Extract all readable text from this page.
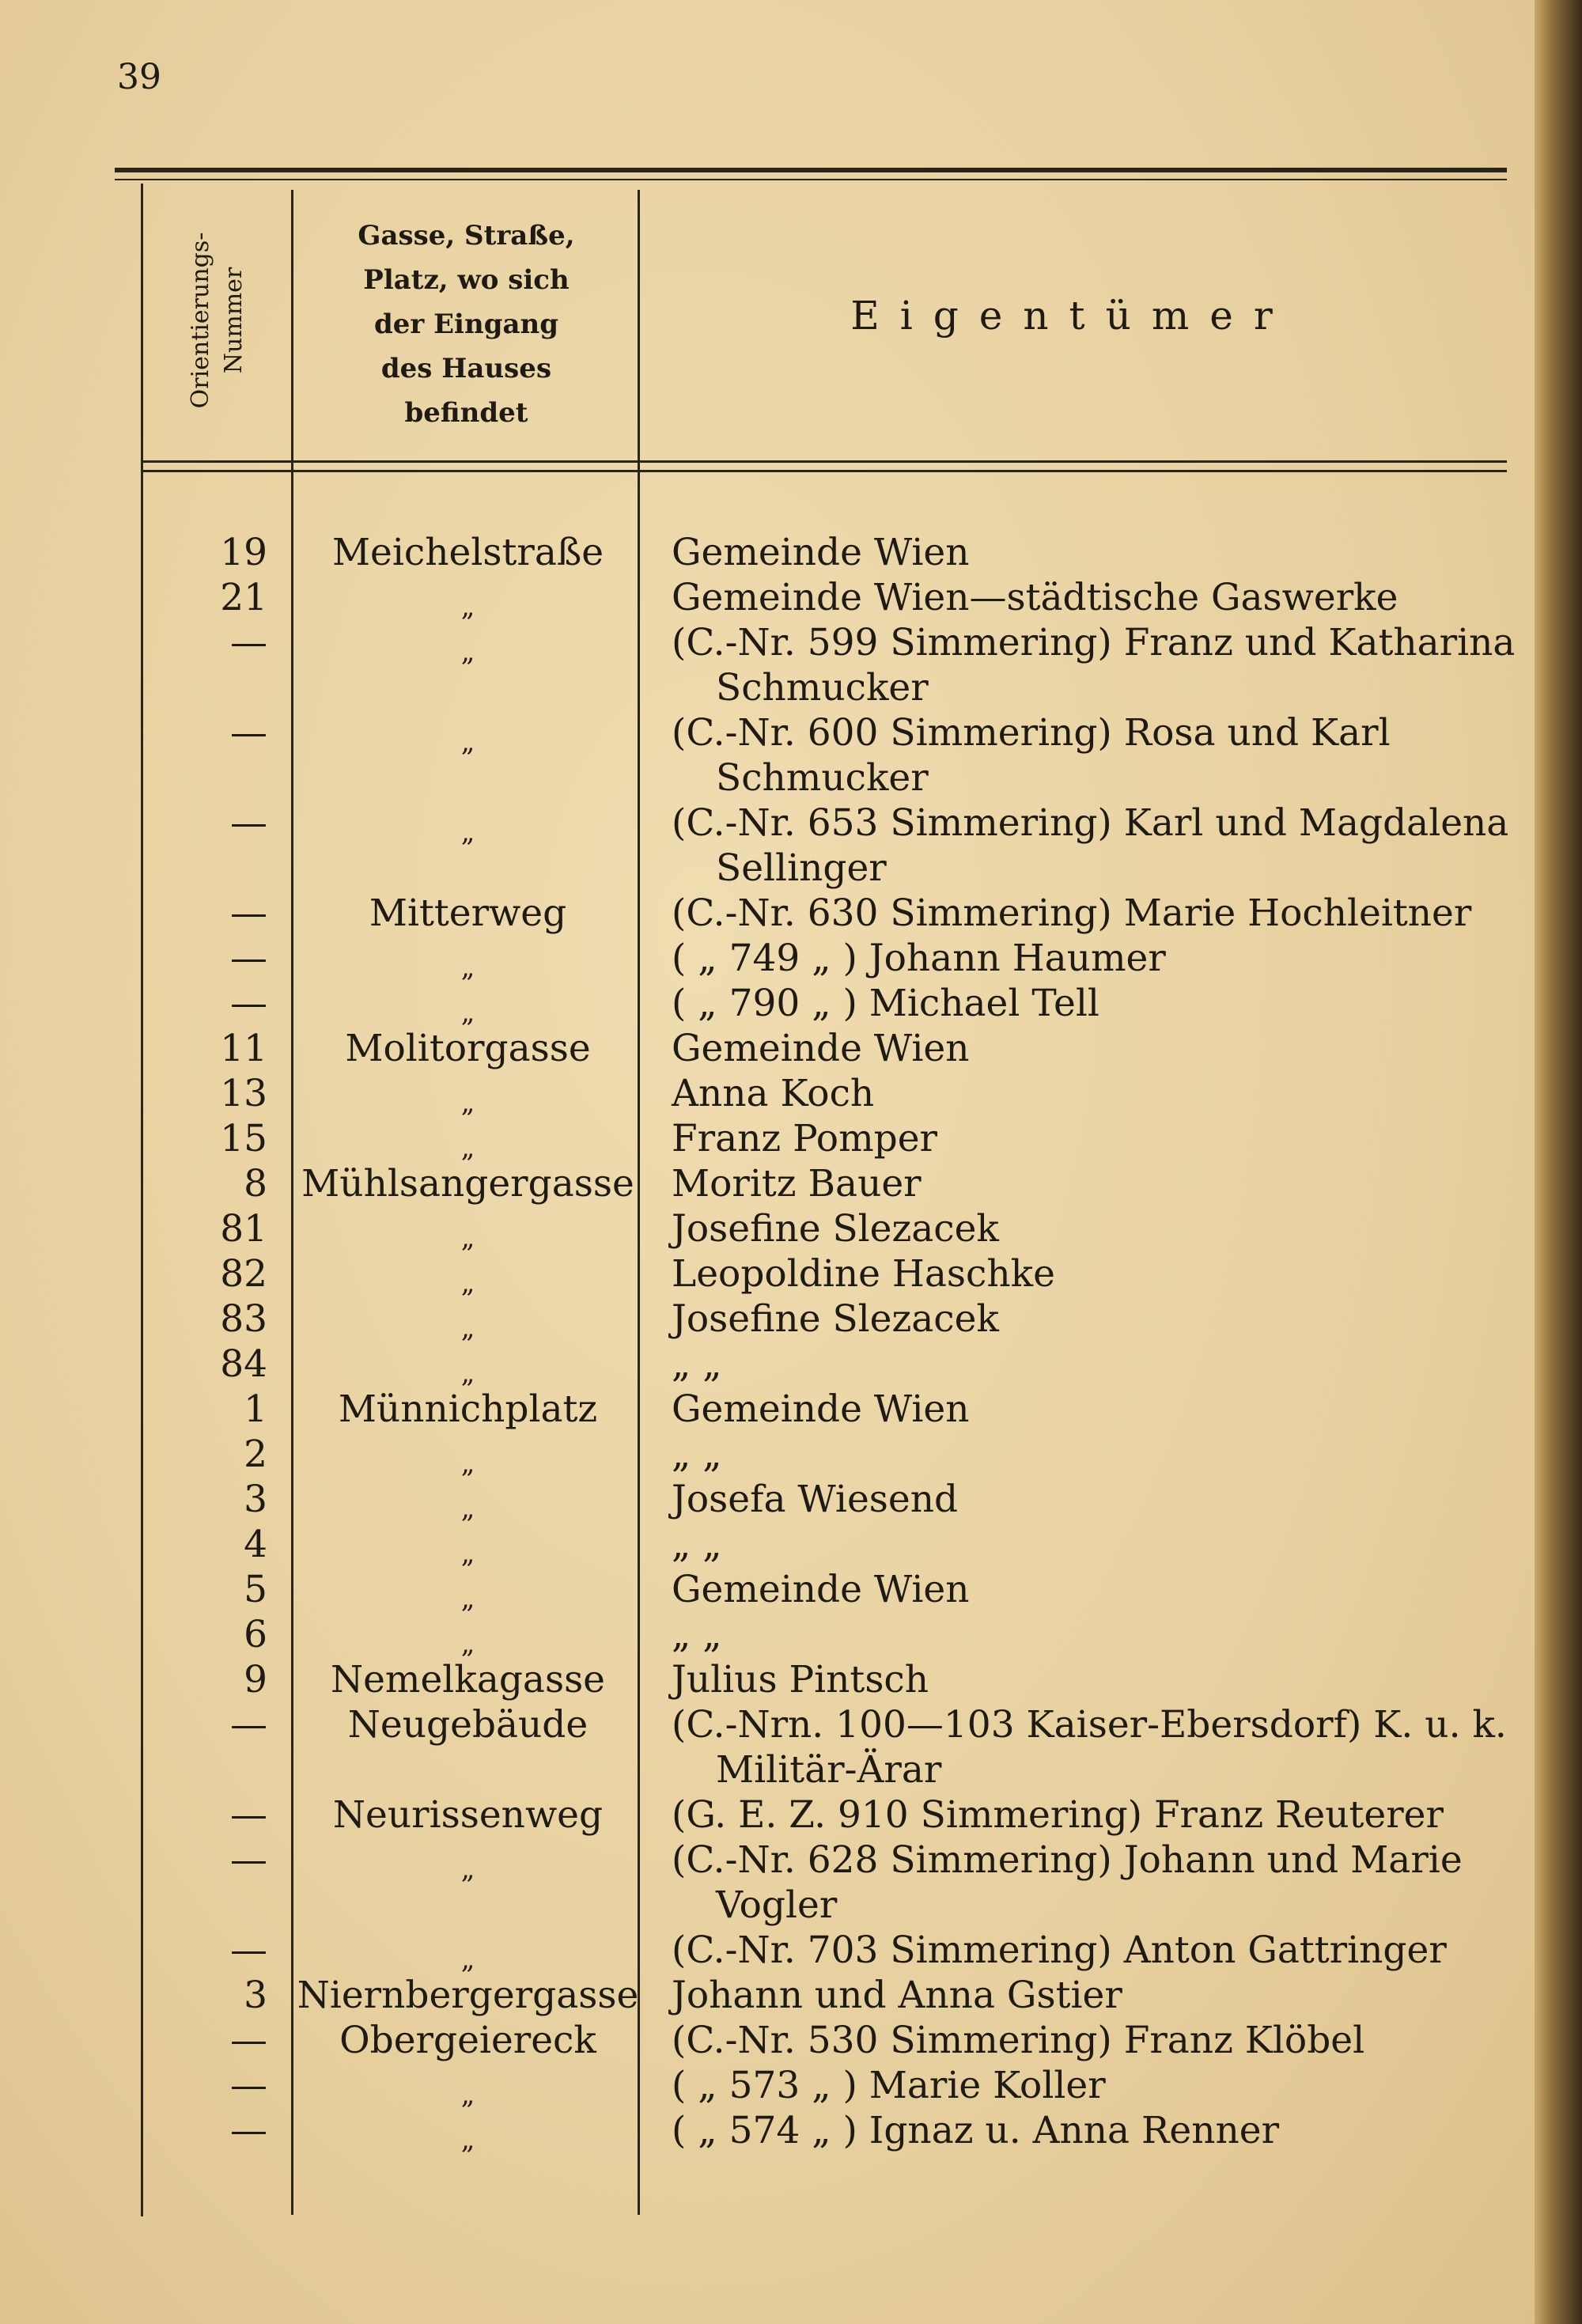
39
Orientierungs- Nummer
Gasse, Straße,
Platz, wo sich
der Eingang
des Hauses
befindet
Eigentümer
19	Meichelstraße	Gemeinde Wien
21	„	Gemeinde Wien—städtische Gaswerke
—	„	(C.-Nr. 599 Simmering) Franz und Katharina
Schmucker
—	„	(C.-Nr. 600 Simmering) Rosa und Karl
Schmucker
—	„	(C.-Nr. 653 Simmering) Karl und Magdalena
Sellinger
—	Mitterweg	(C.-Nr. 630 Simmering) Marie Hochleitner
—	„	( „ 749 „ ) Johann Haumer
—	„	( „ 790 „ ) Michael Tell
11	Molitorgasse	Gemeinde Wien
13	„	Anna Koch
15	„	Franz Pomper
8 Mühlsangergasse Moritz Bauer
81	„	Josefine Slezacek
82	„	Leopoldine Haschke
83	„	Josefine Slezacek
84	„	„ „
1	Münnichplatz	Gemeinde Wien
2	„	„ „
3	„	Josefa Wiesend
4	„	„ „
5	„	Gemeinde Wien
6	„	„ „
9	Nemelkagasse	Julius Pintsch
—	Neugebäude	(C.-Nrn. 100—103 Kaiser-Ebersdorf) K. u. k.
Militär-Ärar
—	Neurissenweg	(G. E. Z. 910 Simmering) Franz Reuterer
—	„	(C.-Nr. 628 Simmering) Johann und Marie
Vogler
—	„	(C.-Nr. 703 Simmering) Anton Gattringer
3 Niernbergergasse Johann und Anna Gstier
—	Obergeiereck	(C.-Nr. 530 Simmering) Franz Klöbel
—	„	( „ 573 „ ) Marie Koller
—	„	( „ 574 „ ) Ignaz u. Anna Renner
